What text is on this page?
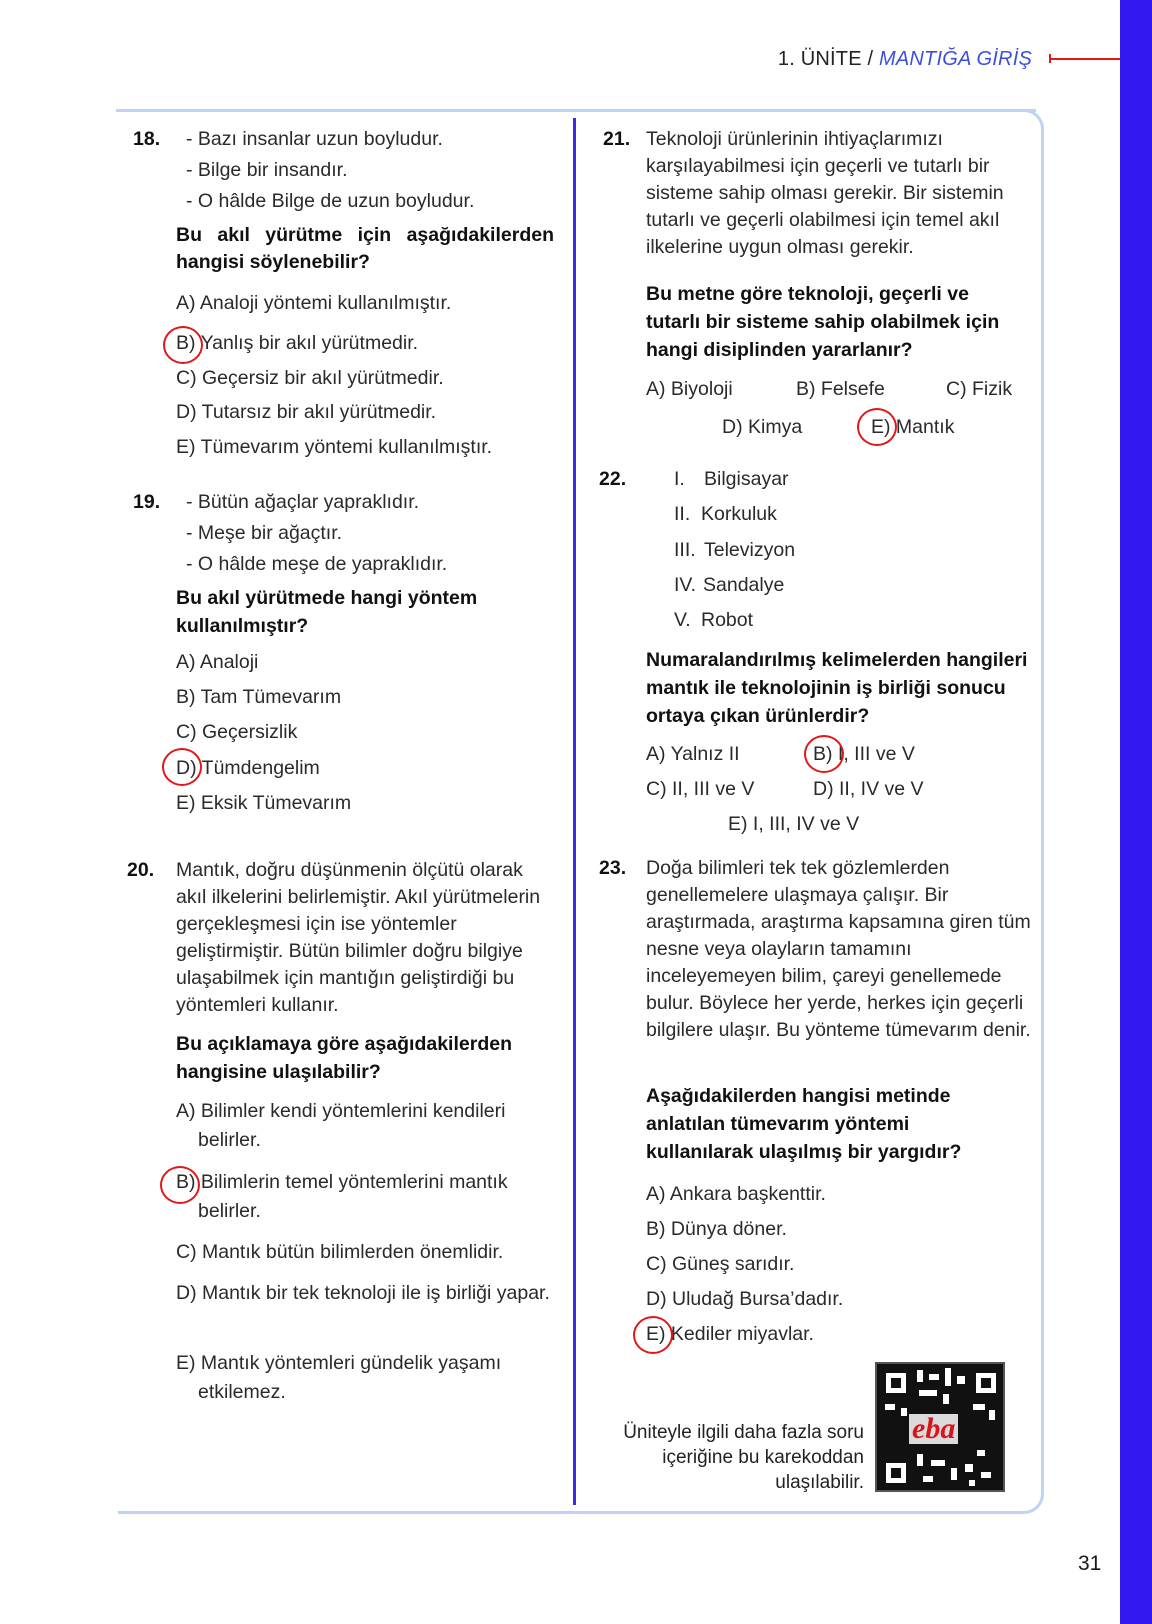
1. ÜNİTE / MANTIĞA GİRİŞ
18. - Bazı insanlar uzun boyludur.
- Bilge bir insandır.
- O hâlde Bilge de uzun boyludur.
Bu akıl yürütme için aşağıdakilerden hangisi söylenebilir?
A) Analoji yöntemi kullanılmıştır.
B) Yanlış bir akıl yürütmedir.
C) Geçersiz bir akıl yürütmedir.
D) Tutarsız bir akıl yürütmedir.
E) Tümevarım yöntemi kullanılmıştır.
19. - Bütün ağaçlar yapraklıdır.
- Meşe bir ağaçtır.
- O hâlde meşe de yapraklıdır.
Bu akıl yürütmede hangi yöntem kullanılmıştır?
A) Analoji
B) Tam Tümevarım
C) Geçersizlik
D) Tümdengelim
E) Eksik Tümevarım
20. Mantık, doğru düşünmenin ölçütü olarak akıl ilkelerini belirlemiştir. Akıl yürütmelerin gerçekleşmesi için ise yöntemler geliştirmiştir. Bütün bilimler doğru bilgiye ulaşabilmek için mantığın geliştirdiği bu yöntemleri kullanır.
Bu açıklamaya göre aşağıdakilerden hangisine ulaşılabilir?
A) Bilimler kendi yöntemlerini kendileri belirler.
B) Bilimlerin temel yöntemlerini mantık belirler.
C) Mantık bütün bilimlerden önemlidir.
D) Mantık bir tek teknoloji ile iş birliği yapar.
E) Mantık yöntemleri gündelik yaşamı etkilemez.
21. Teknoloji ürünlerinin ihtiyaçlarımızı karşılayabilmesi için geçerli ve tutarlı bir sisteme sahip olması gerekir. Bir sistemin tutarlı ve geçerli olabilmesi için temel akıl ilkelerine uygun olması gerekir.
Bu metne göre teknoloji, geçerli ve tutarlı bir sisteme sahip olabilmek için hangi disiplinden yararlanır?
A) Biyoloji	B) Felsefe	C) Fizik
D) Kimya	E) Mantık
22. I. Bilgisayar
II. Korkuluk
III. Televizyon
IV. Sandalye
V. Robot
Numaralandırılmış kelimelerden hangileri mantık ile teknolojinin iş birliği sonucu ortaya çıkan ürünlerdir?
A) Yalnız II	B) I, III ve V
C) II, III ve V	D) II, IV ve V
E) I, III, IV ve V
23. Doğa bilimleri tek tek gözlemlerden genellemelere ulaşmaya çalışır. Bir araştırmada, araştırma kapsamına giren tüm nesne veya olayların tamamını inceleyemeyen bilim, çareyi genellemede bulur. Böylece her yerde, herkes için geçerli bilgilere ulaşır. Bu yönteme tümevarım denir.
Aşağıdakilerden hangisi metinde anlatılan tümevarım yöntemi kullanılarak ulaşılmış bir yargıdır?
A) Ankara başkenttir.
B) Dünya döner.
C) Güneş sarıdır.
D) Uludağ Bursa’dadır.
E) Kediler miyavlar.
Üniteyle ilgili daha fazla soru
içeriğine bu karekoddan
ulaşılabilir.
eba
31
